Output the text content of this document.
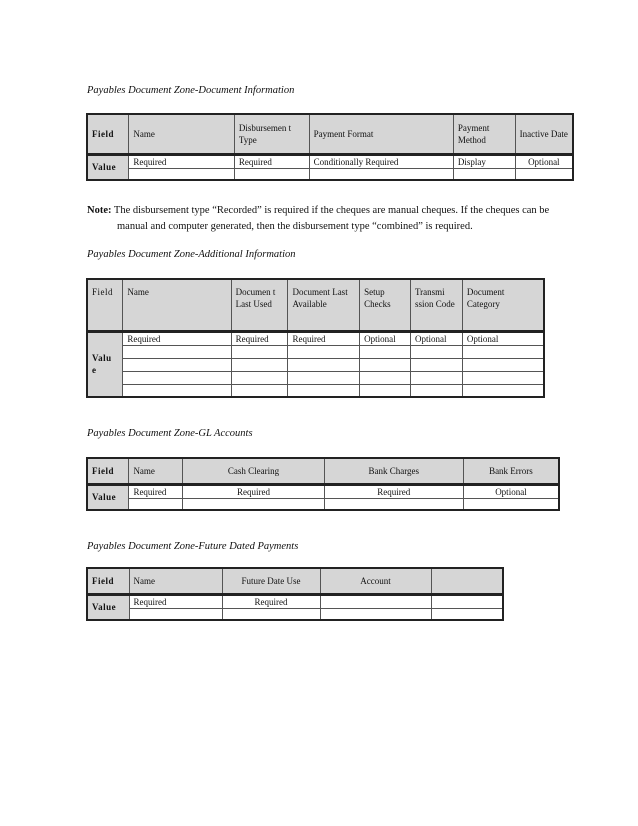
Payables Document Zone-Document Information

Field	Name	Disbursemen t Type	Payment Format	Payment Method	Inactive Date
Value	Required	Required	Conditionally Required	Display	Optional

Note: The disbursement type “Recorded” is required if the cheques are manual cheques. If the cheques can be
manual and computer generated, then the disbursement type “combined” is required.

Payables Document Zone-Additional Information

Field	Name	Documen t Last Used	Document Last Available	Setup Checks	Transmi ssion Code	Document Category
Valu e	Required	Required	Required	Optional	Optional	Optional

Payables Document Zone-GL Accounts

Field	Name	Cash Clearing	Bank Charges	Bank Errors
Value	Required	Required	Required	Optional

Payables Document Zone-Future Dated Payments

Field	Name	Future Date Use	Account	
Value	Required	Required		
